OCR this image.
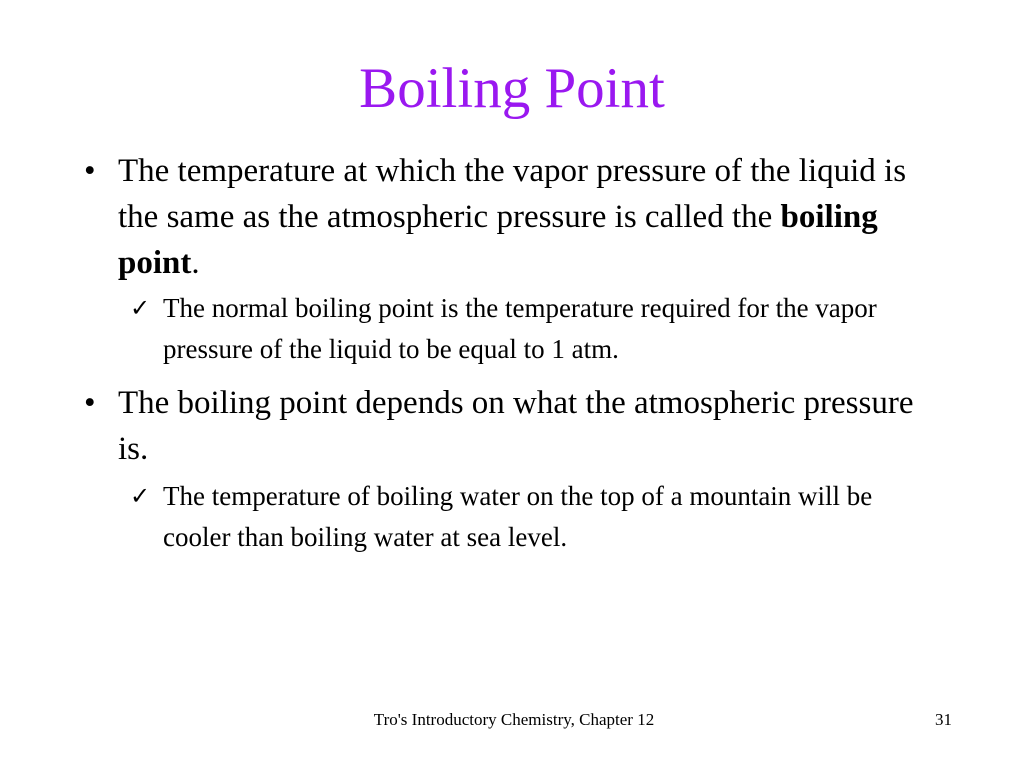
Boiling Point
• The temperature at which the vapor pressure of the liquid is the same as the atmospheric pressure is called the boiling point.
✓ The normal boiling point is the temperature required for the vapor pressure of the liquid to be equal to 1 atm.
• The boiling point depends on what the atmospheric pressure is.
✓ The temperature of boiling water on the top of a mountain will be cooler than boiling water at sea level.
Tro's Introductory Chemistry, Chapter 12	31
